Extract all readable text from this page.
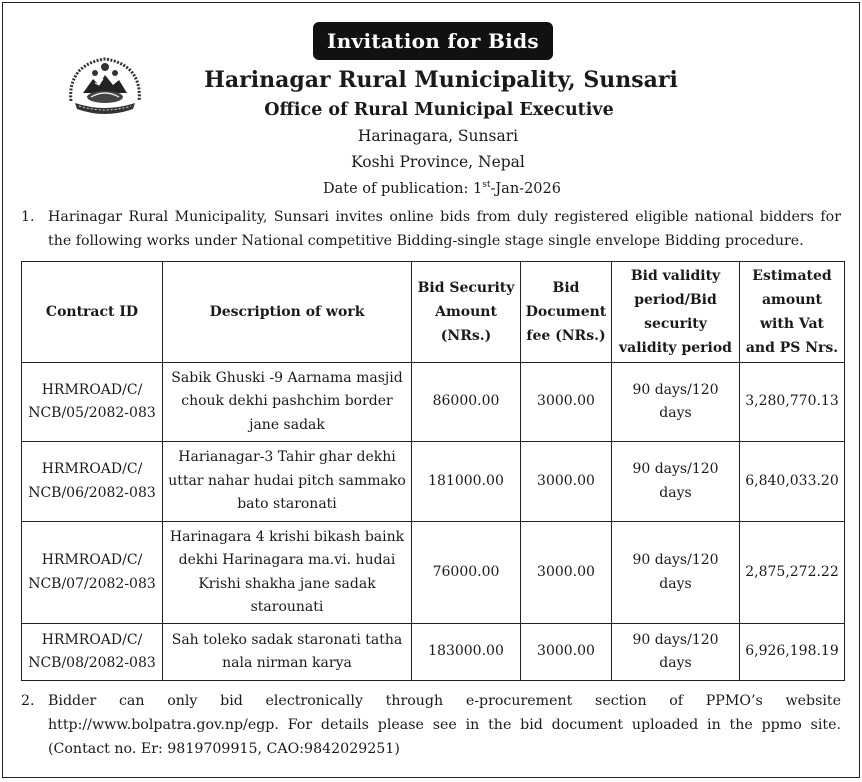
Invitation for Bids
Harinagar Rural Municipality, Sunsari
Office of Rural Municipal Executive
Harinagara, Sunsari
Koshi Province, Nepal
Date of publication: 1st-Jan-2026
1. Harinagar Rural Municipality, Sunsari invites online bids from duly registered eligible national bidders for the following works under National competitive Bidding-single stage single envelope Bidding procedure.
Contract ID	Description of work	Bid Security Amount (NRs.)	Bid Document fee (NRs.)	Bid validity period/Bid security validity period	Estimated amount with Vat and PS Nrs.
HRMROAD/C/ NCB/05/2082-083	Sabik Ghuski -9 Aarnama masjid chouk dekhi pashchim border jane sadak	86000.00	3000.00	90 days/120 days	3,280,770.13
HRMROAD/C/ NCB/06/2082-083	Harianagar-3 Tahir ghar dekhi uttar nahar hudai pitch sammako bato staronati	181000.00	3000.00	90 days/120 days	6,840,033.20
HRMROAD/C/ NCB/07/2082-083	Harinagara 4 krishi bikash baink dekhi Harinagara ma.vi. hudai Krishi shakha jane sadak starounati	76000.00	3000.00	90 days/120 days	2,875,272.22
HRMROAD/C/ NCB/08/2082-083	Sah toleko sadak staronati tatha nala nirman karya	183000.00	3000.00	90 days/120 days	6,926,198.19
2. Bidder can only bid electronically through e-procurement section of PPMO’s website http://www.bolpatra.gov.np/egp. For details please see in the bid document uploaded in the ppmo site. (Contact no. Er: 9819709915, CAO:9842029251)
